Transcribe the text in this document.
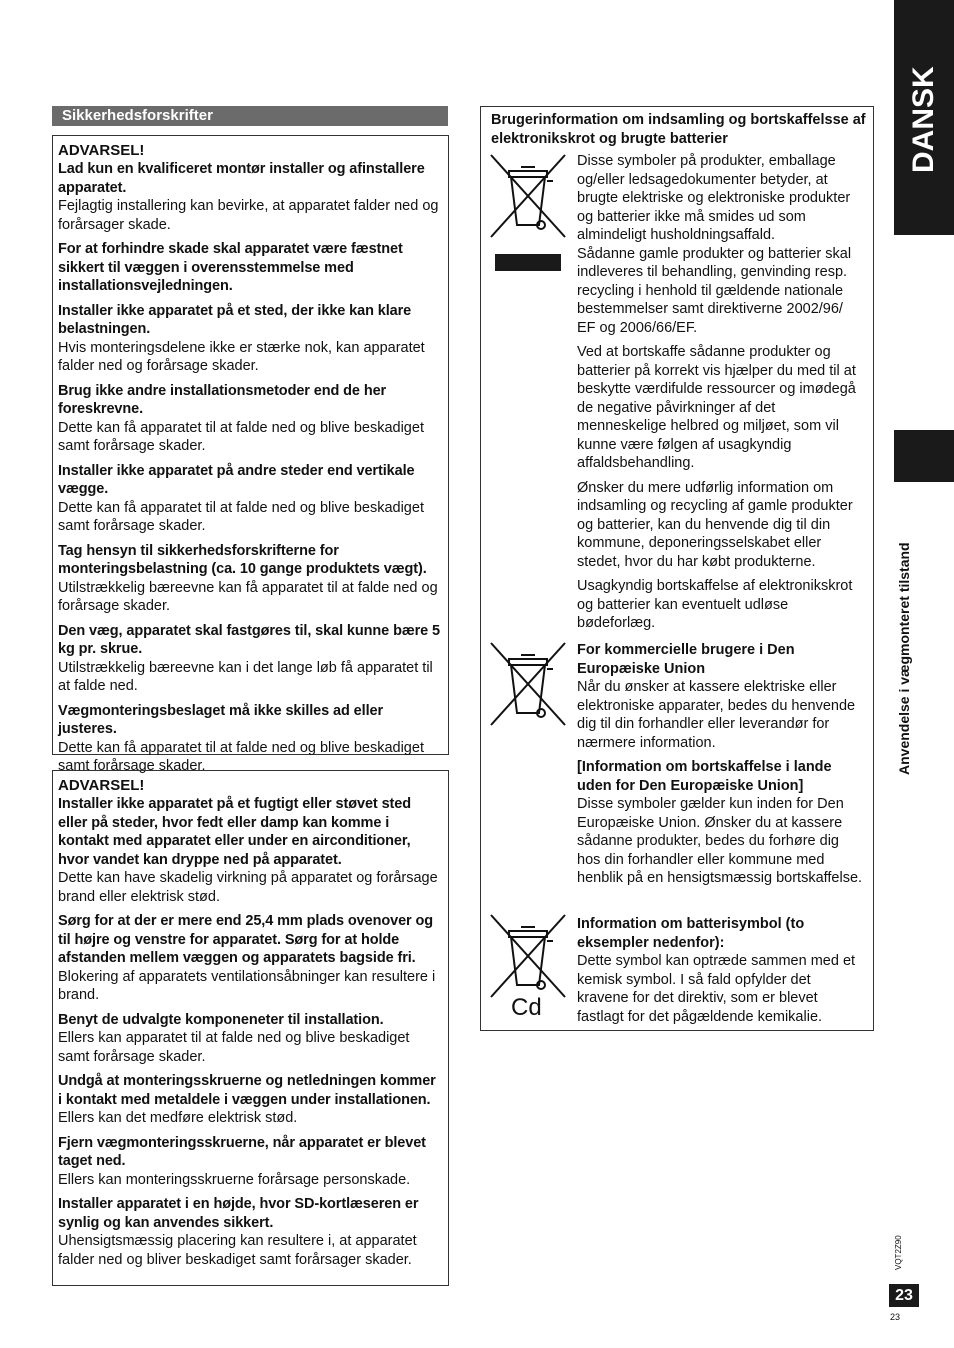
Sikkerhedsforskrifter
ADVARSEL!
Lad kun en kvalificeret montør installer og afinstallere apparatet.
Fejlagtig installering kan bevirke, at apparatet falder ned og forårsager skade.
For at forhindre skade skal apparatet være fæstnet sikkert til væggen i overensstemmelse med installationsvejledningen.
Installer ikke apparatet på et sted, der ikke kan klare belastningen.
Hvis monteringsdelene ikke er stærke nok, kan apparatet falder ned og forårsage skader.
Brug ikke andre installationsmetoder end de her foreskrevne.
Dette kan få apparatet til at falde ned og blive beskadiget samt forårsage skader.
Installer ikke apparatet på andre steder end vertikale vægge.
Dette kan få apparatet til at falde ned og blive beskadiget samt forårsage skader.
Tag hensyn til sikkerhedsforskrifterne for monteringsbelastning (ca. 10 gange produktets vægt).
Utilstrækkelig bæreevne kan få apparatet til at falde ned og forårsage skader.
Den væg, apparatet skal fastgøres til, skal kunne bære 5 kg pr. skrue.
Utilstrækkelig bæreevne kan i det lange løb få apparatet til at falde ned.
Vægmonteringsbeslaget må ikke skilles ad eller justeres.
Dette kan få apparatet til at falde ned og blive beskadiget samt forårsage skader.
ADVARSEL!
Installer ikke apparatet på et fugtigt eller støvet sted eller på steder, hvor fedt eller damp kan komme i kontakt med apparatet eller under en airconditioner, hvor vandet kan dryppe ned på apparatet.
Dette kan have skadelig virkning på apparatet og forårsage brand eller elektrisk stød.
Sørg for at der er mere end 25,4 mm plads ovenover og til højre og venstre for apparatet. Sørg for at holde afstanden mellem væggen og apparatets bagside fri.
Blokering af apparatets ventilationsåbninger kan resultere i brand.
Benyt de udvalgte komponeneter til installation.
Ellers kan apparatet til at falde ned og blive beskadiget samt forårsage skader.
Undgå at monteringsskruerne og netledningen kommer i kontakt med metaldele i væggen under installationen.
Ellers kan det medføre elektrisk stød.
Fjern vægmonteringsskruerne, når apparatet er blevet taget ned.
Ellers kan monteringsskruerne forårsage personskade.
Installer apparatet i en højde, hvor SD-kortlæseren er synlig og kan anvendes sikkert.
Uhensigtsmæssig placering kan resultere i, at apparatet falder ned og bliver beskadiget samt forårsager skader.
Brugerinformation om indsamling og bortskaffelsse af elektronikskrot og brugte batterier
Cd

Disse symboler på produkter, emballage og/eller ledsagedokumenter betyder, at brugte elektriske og elektroniske produkter og batterier ikke må smides ud som almindeligt husholdningsaffald.

Sådanne gamle produkter og batterier skal indleveres til behandling, genvinding resp. recycling i henhold til gældende nationale bestemmelser samt direktiverne 2002/96/ EF og 2006/66/EF.

Ved at bortskaffe sådanne produkter og batterier på korrekt vis hjælper du med til at beskytte værdifulde ressourcer og imødegå de negative påvirkninger af det menneskelige helbred og miljøet, som vil kunne være følgen af usagkyndig affaldsbehandling.

Ønsker du mere udførlig information om indsamling og recycling af gamle produkter og batterier, kan du henvende dig til din kommune, deponeringsselskabet eller stedet, hvor du har købt produkterne.

Usagkyndig bortskaffelse af elektronikskrot og batterier kan eventuelt udløse bødeforlæg.

For kommercielle brugere i Den Europæiske Union

Når du ønsker at kassere elektriske eller elektroniske apparater, bedes du henvende dig til din forhandler eller leverandør for nærmere information.

[Information om bortskaffelse i lande uden for Den Europæiske Union]

Disse symboler gælder kun inden for Den Europæiske Union. Ønsker du at kassere sådanne produkter, bedes du forhøre dig hos din forhandler eller kommune med henblik på en hensigtsmæssig bortskaffelse.

Information om batterisymbol (to eksempler nedenfor):

Dette symbol kan optræde sammen med et kemisk symbol. I så fald opfylder det kravene for det direktiv, som er blevet fastlagt for det pågældende kemikalie.

DANSK
Anvendelse i vægmonteret tilstand
VQT2Z90
23
23
